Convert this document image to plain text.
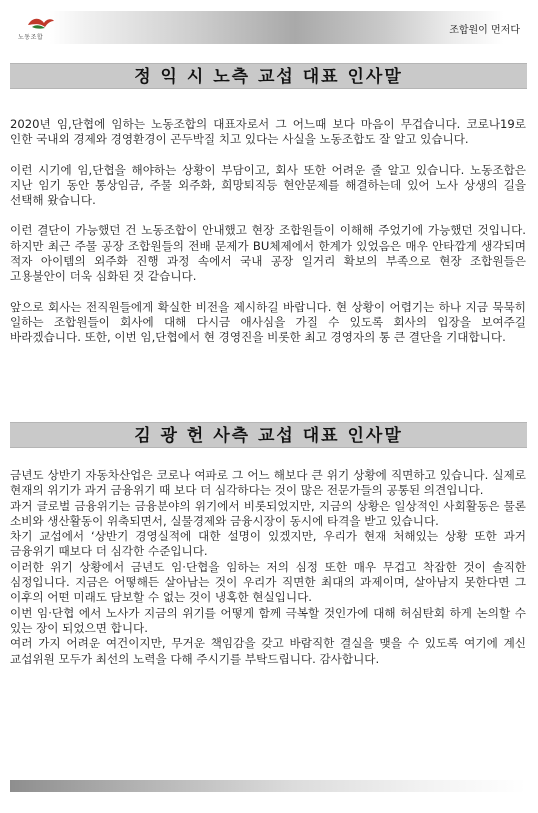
노동조합
조합원이 먼저다
정 익 시 노측 교섭 대표 인사말

2020년 임,단협에 임하는 노동조합의 대표자로서 그 어느때 보다 마음이 무겁습니다. 코로나19로 인한 국내외 경제와 경영환경이 곤두박질 치고 있다는 사실을 노동조합도 잘 알고 있습니다.

이런 시기에 임,단협을 해야하는 상황이 부담이고, 회사 또한 어려운 줄 알고 있습니다. 노동조합은 지난 임기 동안 통상임금, 주물 외주화, 희망퇴직등 현안문제를 해결하는데 있어 노사 상생의 길을 선택해 왔습니다.

이런 결단이 가능했던 건 노동조합이 안내했고 현장 조합원들이 이해해 주었기에 가능했던 것입니다. 하지만 최근 주물 공장 조합원들의 전배 문제가 BU체제에서 한계가 있었음은 매우 안타깝게 생각되며 적자 아이템의 외주화 진행 과정 속에서 국내 공장 일거리 확보의 부족으로 현장 조합원들은 고용불안이 더욱 심화된 것 같습니다.

앞으로 회사는 전직원들에게 확실한 비전을 제시하길 바랍니다. 현 상황이 어렵기는 하나 지금 묵묵히 일하는 조합원들이 회사에 대해 다시금 애사심을 가질 수 있도록 회사의 입장을 보여주길 바라겠습니다. 또한, 이번 임,단협에서 현 경영진을 비롯한 최고 경영자의 통 큰 결단을 기대합니다.

김 광 헌 사측 교섭 대표 인사말

금년도 상반기 자동차산업은 코로나 여파로 그 어느 해보다 큰 위기 상황에 직면하고 있습니다. 실제로 현재의 위기가 과거 금융위기 때 보다 더 심각하다는 것이 많은 전문가들의 공통된 의견입니다.

과거 글로벌 금융위기는 금융분야의 위기에서 비롯되었지만, 지금의 상황은 일상적인 사회활동은 물론 소비와 생산활동이 위축되면서, 실물경제와 금융시장이 동시에 타격을 받고 있습니다.

차기 교섭에서 ‘상반기 경영실적에 대한 설명이 있겠지만, 우리가 현재 처해있는 상황 또한 과거 금융위기 때보다 더 심각한 수준입니다.

이러한 위기 상황에서 금년도 임·단협을 임하는 저의 심정 또한 매우 무겁고 착잡한 것이 솔직한 심정입니다. 지금은 어떻해든 살아남는 것이 우리가 직면한 최대의 과제이며, 살아남지 못한다면 그 이후의 어떤 미래도 담보할 수 없는 것이 냉혹한 현실입니다.

이번 임·단협 에서 노사가 지금의 위기를 어떻게 함께 극복할 것인가에 대해 허심탄회 하게 논의할 수 있는 장이 되었으면 합니다.

여러 가지 어려운 여건이지만, 무거운 책임감을 갖고 바람직한 결실을 맺을 수 있도록 여기에 계신 교섭위원 모두가 최선의 노력을 다해 주시기를 부탁드립니다. 감사합니다.
